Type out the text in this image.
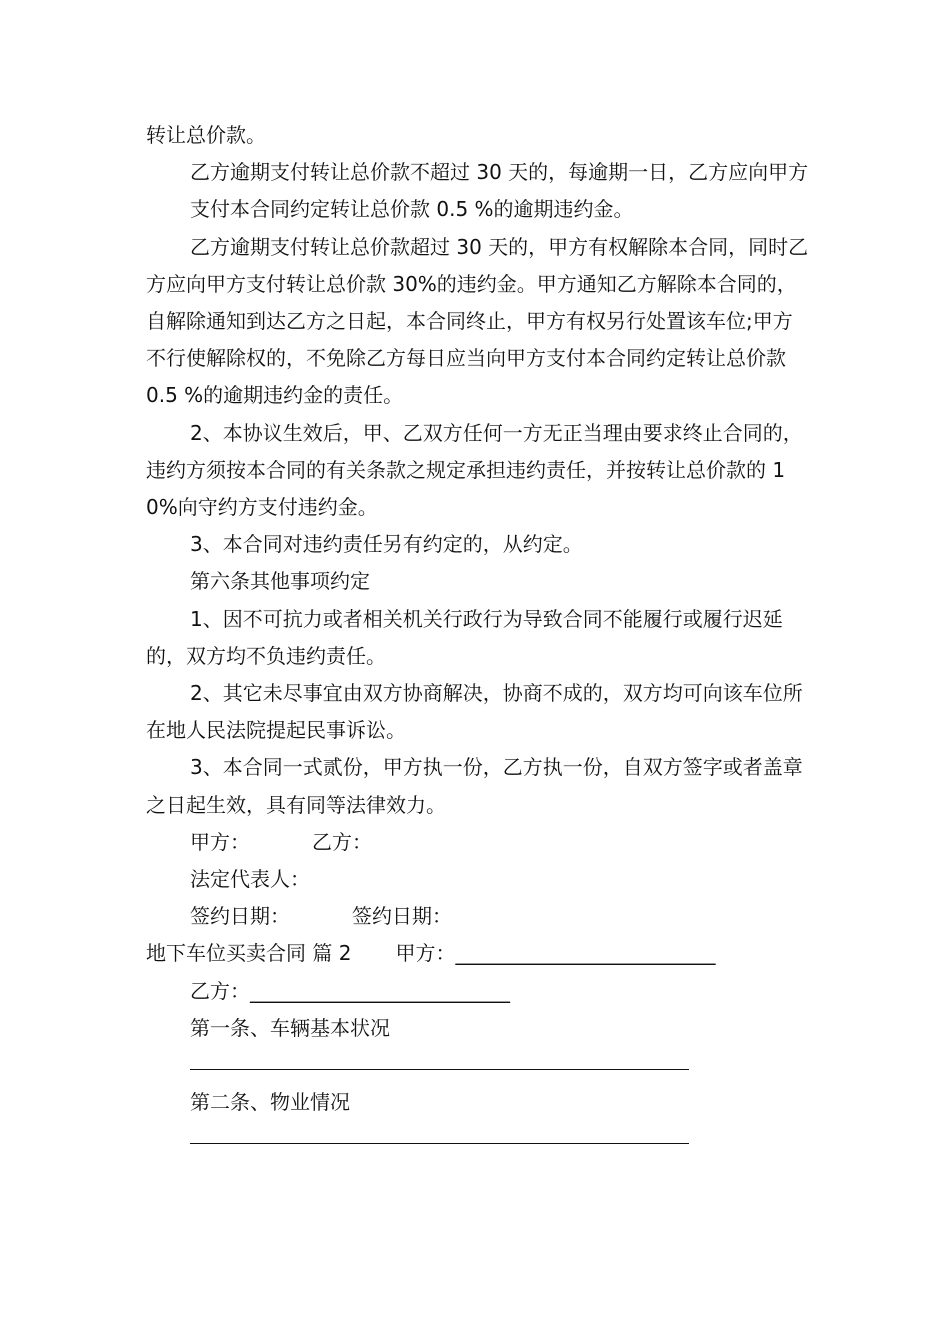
转让总价款。

乙方逾期支付转让总价款不超过 30 天的，每逾期一日，乙方应向甲方

支付本合同约定转让总价款 0.5 %的逾期违约金。

乙方逾期支付转让总价款超过 30 天的，甲方有权解除本合同，同时乙方应向甲方支付转让总价款 30%的违约金。甲方通知乙方解除本合同的，自解除通知到达乙方之日起，本合同终止，甲方有权另行处置该车位;甲方不行使解除权的，不免除乙方每日应当向甲方支付本合同约定转让总价款 0.5 %的逾期违约金的责任。

2、本协议生效后，甲、乙双方任何一方无正当理由要求终止合同的，违约方须按本合同的有关条款之规定承担违约责任，并按转让总价款的 10%向守约方支付违约金。

3、本合同对违约责任另有约定的，从约定。

第六条其他事项约定

1、因不可抗力或者相关机关行政行为导致合同不能履行或履行迟延的，双方均不负违约责任。

2、其它未尽事宜由双方协商解决，协商不成的，双方均可向该车位所在地人民法院提起民事诉讼。

3、本合同一式贰份，甲方执一份，乙方执一份，自双方签字或者盖章之日起生效，具有同等法律效力。

甲方：	乙方：

法定代表人：

签约日期：	签约日期：

地下车位买卖合同 篇 2 甲方：__________________________

乙方：__________________________

第一条、车辆基本状况

第二条、物业情况
